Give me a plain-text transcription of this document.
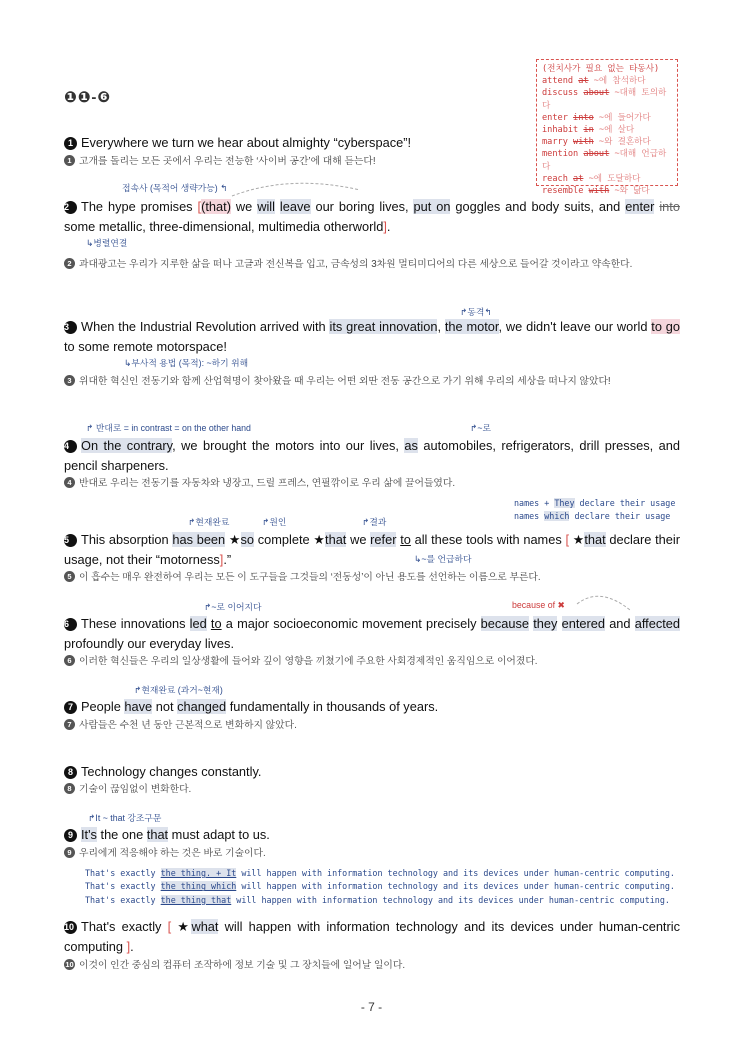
❶❶-❻
(전치사가 필요 없는 타동사)
attend at ~에 참석하다
discuss about ~대해 토의하다
enter into ~에 들어가다
inhabit in ~에 살다
marry with ~와 결혼하다
mention about ~대해 언급하다
reach at ~에 도달하다
resemble with ~와 닮다
1 Everywhere we turn we hear about almighty “cyberspace”!
1 고개를 돌리는 모든 곳에서 우리는 전능한 ‘사이버 공간’에 대해 듣는다!
접속사 (목적어 생략가능) ↰
2 The hype promises [(that) we will leave our boring lives, put on goggles and body suits, and enter into some metallic, three-dimensional, multimedia otherworld].
↳병렬연결
2 과대광고는 우리가 지루한 삶을 떠나 고글과 전신복을 입고, 금속성의 3차원 멀티미디어의 다른 세상으로 들어갈 것이라고 약속한다.
↱동격↰
3 When the Industrial Revolution arrived with its great innovation, the motor, we didn't leave our world to go to some remote motorspace!
↳부사적 용법 (목적): ~하기 위해
3 위대한 혁신인 전동기와 함께 산업혁명이 찾아왔을 때 우리는 어떤 외딴 전동 공간으로 가기 위해 우리의 세상을 떠나지 않았다!
↱ 반대로 = in contrast = on the other hand	↱~로
4 On the contrary, we brought the motors into our lives, as automobiles, refrigerators, drill presses, and pencil sharpeners.
4 반대로 우리는 전동기를 자동차와 냉장고, 드릴 프레스, 연필깎이로 우리 삶에 끌어들였다.
names + They declare their usage
names which declare their usage
↱현재완료	↱원인	↱결과
5 This absorption has been ★so complete ★that we refer to all these tools with names [ ★that declare their usage, not their “motorness].”	↳~를 언급하다
5 이 흡수는 매우 완전하여 우리는 모든 이 도구들을 그것들의 ‘전동성’이 아닌 용도를 선언하는 이름으로 부른다.
↱~로 이어지다	because of ✖
6 These innovations led to a major socioeconomic movement precisely because they entered and affected profoundly our everyday lives.
6 이러한 혁신들은 우리의 일상생활에 들어와 깊이 영향을 끼쳤기에 주요한 사회경제적인 움직임으로 이어졌다.
↱현재완료 (과거~현재)
7 People have not changed fundamentally in thousands of years.
7 사람들은 수천 년 동안 근본적으로 변화하지 않았다.
8 Technology changes constantly.
8 기술이 끊임없이 변화한다.
↱It ~ that 강조구문
9 It's the one that must adapt to us.
9 우리에게 적응해야 하는 것은 바로 기술이다.
That's exactly the thing. + It will happen with information technology and its devices under human-centric computing.
That's exactly the thing which will happen with information technology and its devices under human-centric computing.
That's exactly the thing that will happen with information technology and its devices under human-centric computing.
10 That's exactly [ ★what will happen with information technology and its devices under human-centric computing ].
10 이것이 인간 중심의 컴퓨터 조작하에 정보 기술 및 그 장치들에 일어날 일이다.
- 7 -
